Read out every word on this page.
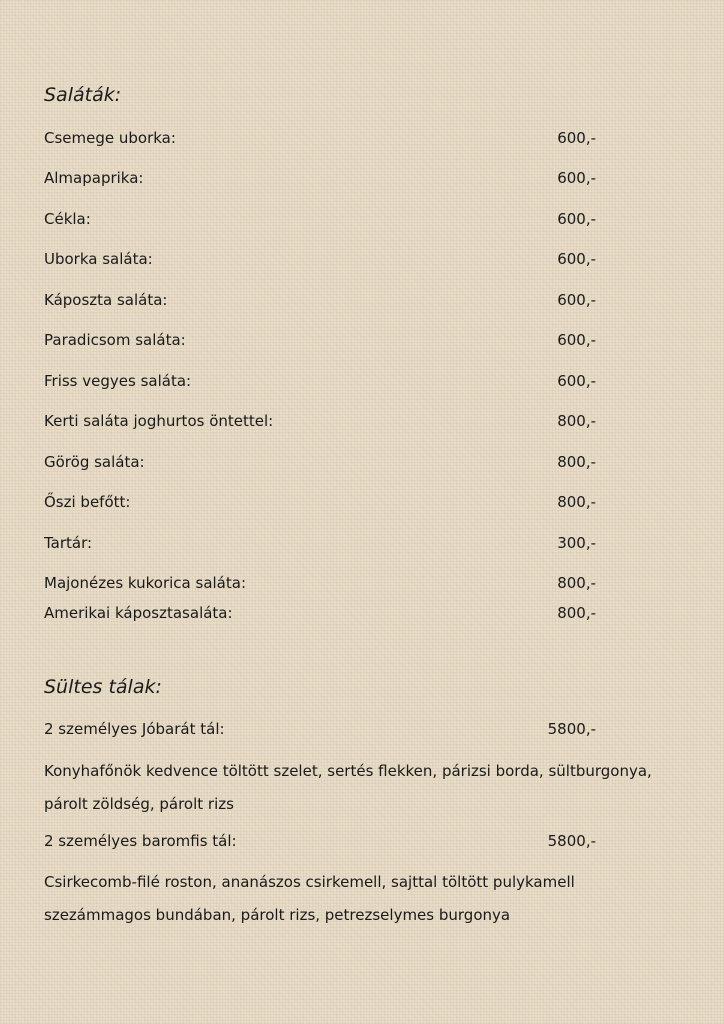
Saláták:
Csemege uborka:	600,-
Almapaprika:	600,-
Cékla:	600,-
Uborka saláta:	600,-
Káposzta saláta:	600,-
Paradicsom saláta:	600,-
Friss vegyes saláta:	600,-
Kerti saláta joghurtos öntettel:	800,-
Görög saláta:	800,-
Őszi befőtt:	800,-
Tartár:	300,-
Majonézes kukorica saláta:	800,-
Amerikai káposztasaláta:	800,-
Sültes tálak:
2 személyes Jóbarát tál:	5800,-
Konyhafőnök kedvence töltött szelet, sertés flekken, párizsi borda, sültburgonya,
párolt zöldség, párolt rizs
2 személyes baromfis tál:	5800,-
Csirkecomb-filé roston, ananászos csirkemell, sajttal töltött pulykamell
szezámmagos bundában, párolt rizs, petrezselymes burgonya
